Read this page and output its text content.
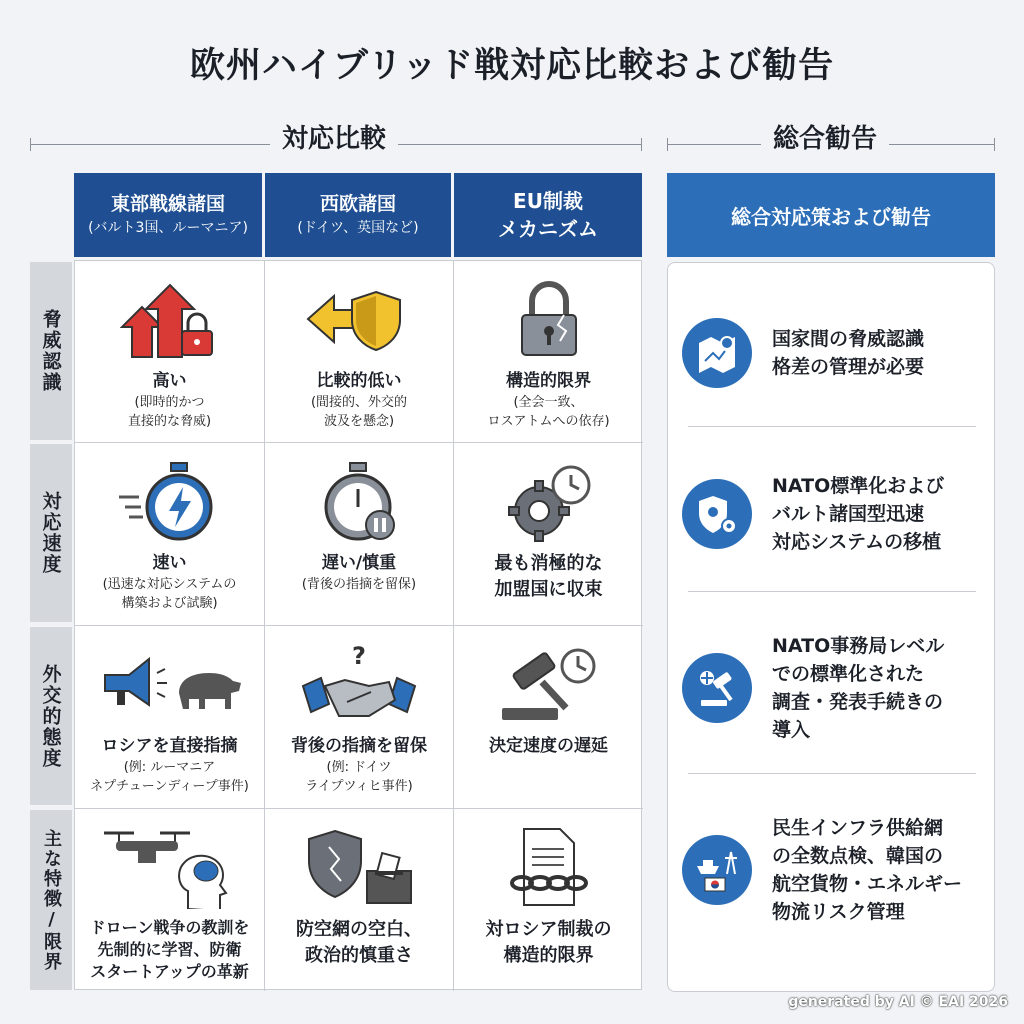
欧州ハイブリッド戦対応比較および勧告
対応比較	総合勧告
東部戦線諸国
(バルト3国、ルーマニア)
西欧諸国
(ドイツ、英国など)
EU制裁
メカニズム
脅威認識
対応速度
外交的態度
主な特徴/限界
高い
(即時的かつ
直接的な脅威)
比較的低い
(間接的、外交的
波及を懸念)
構造的限界
(全会一致、
ロスアトムへの依存)
速い
(迅速な対応システムの
構築および試験)
遅い/慎重
(背後の指摘を留保)
最も消極的な
加盟国に収束
ロシアを直接指摘
(例: ルーマニア
ネプチューンディープ事件)
?
背後の指摘を留保
(例: ドイツ
ライプツィヒ事件)
決定速度の遅延
ドローン戦争の教訓を
先制的に学習、防衛
スタートアップの革新
防空網の空白、
政治的慎重さ
対ロシア制裁の
構造的限界
総合対応策および勧告
国家間の脅威認識
格差の管理が必要
NATO標準化および
バルト諸国型迅速
対応システムの移植
NATO事務局レベル
での標準化された
調査・発表手続きの
導入
民生インフラ供給網
の全数点検、韓国の
航空貨物・エネルギー
物流リスク管理
generated by AI © EAI 2026
